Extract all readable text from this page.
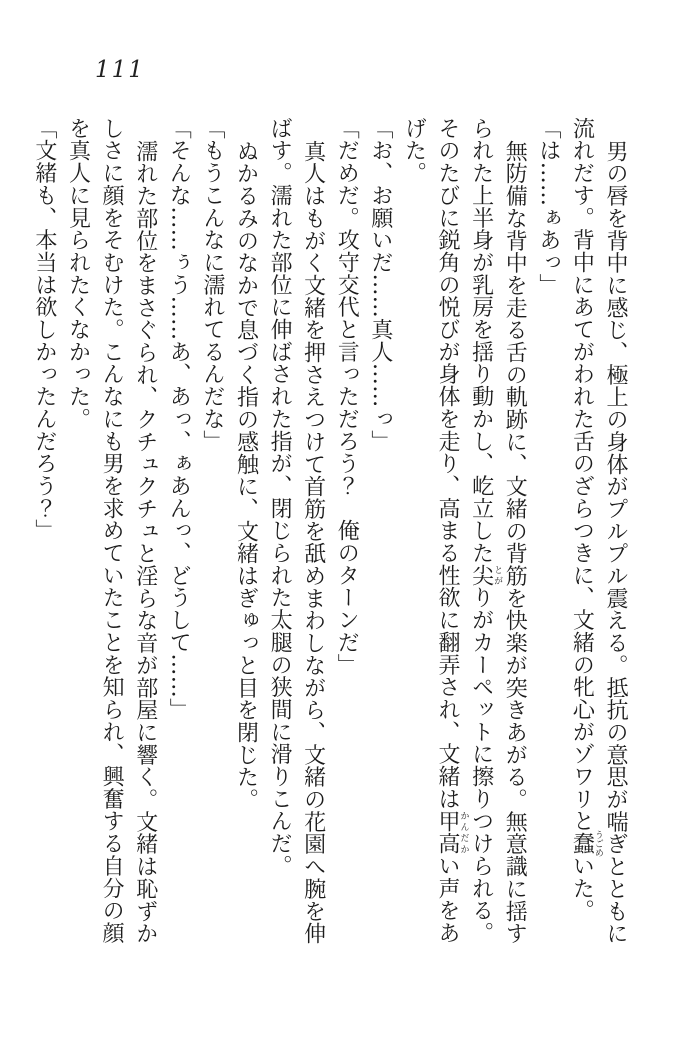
111

男の唇を背中に感じ、極上の身体がプルプル震える。抵抗の意思が喘ぎとともに流れだす。背中にあてがわれた舌のざらつきに、文緒の牝心がゾワリと蠢うごめいた。

「は……ぁあっ」

無防備な背中を走る舌の軌跡に、文緒の背筋を快楽が突きあがる。無意識に揺すられた上半身が乳房を揺り動かし、屹立した尖とがりがカーペットに擦りつけられる。そのたびに鋭角の悦びが身体を走り、高まる性欲に翻弄され、文緒は甲高かんだかい声をあげた。

「お、お願いだ……真人……っ」

「だめだ。攻守交代と言っただろう？　俺のターンだ」

真人はもがく文緒を押さえつけて首筋を舐めまわしながら、文緒の花園へ腕を伸ばす。濡れた部位に伸ばされた指が、閉じられた太腿の狭間に滑りこんだ。

ぬかるみのなかで息づく指の感触に、文緒はぎゅっと目を閉じた。

「もうこんなに濡れてるんだな」

「そんな……ぅう……あ、あっ、ぁあんっ、どうして……」

濡れた部位をまさぐられ、クチュクチュと淫らな音が部屋に響く。文緒は恥ずかしさに顔をそむけた。こんなにも男を求めていたことを知られ、興奮する自分の顔を真人に見られたくなかった。

「文緒も、本当は欲しかったんだろう？」
